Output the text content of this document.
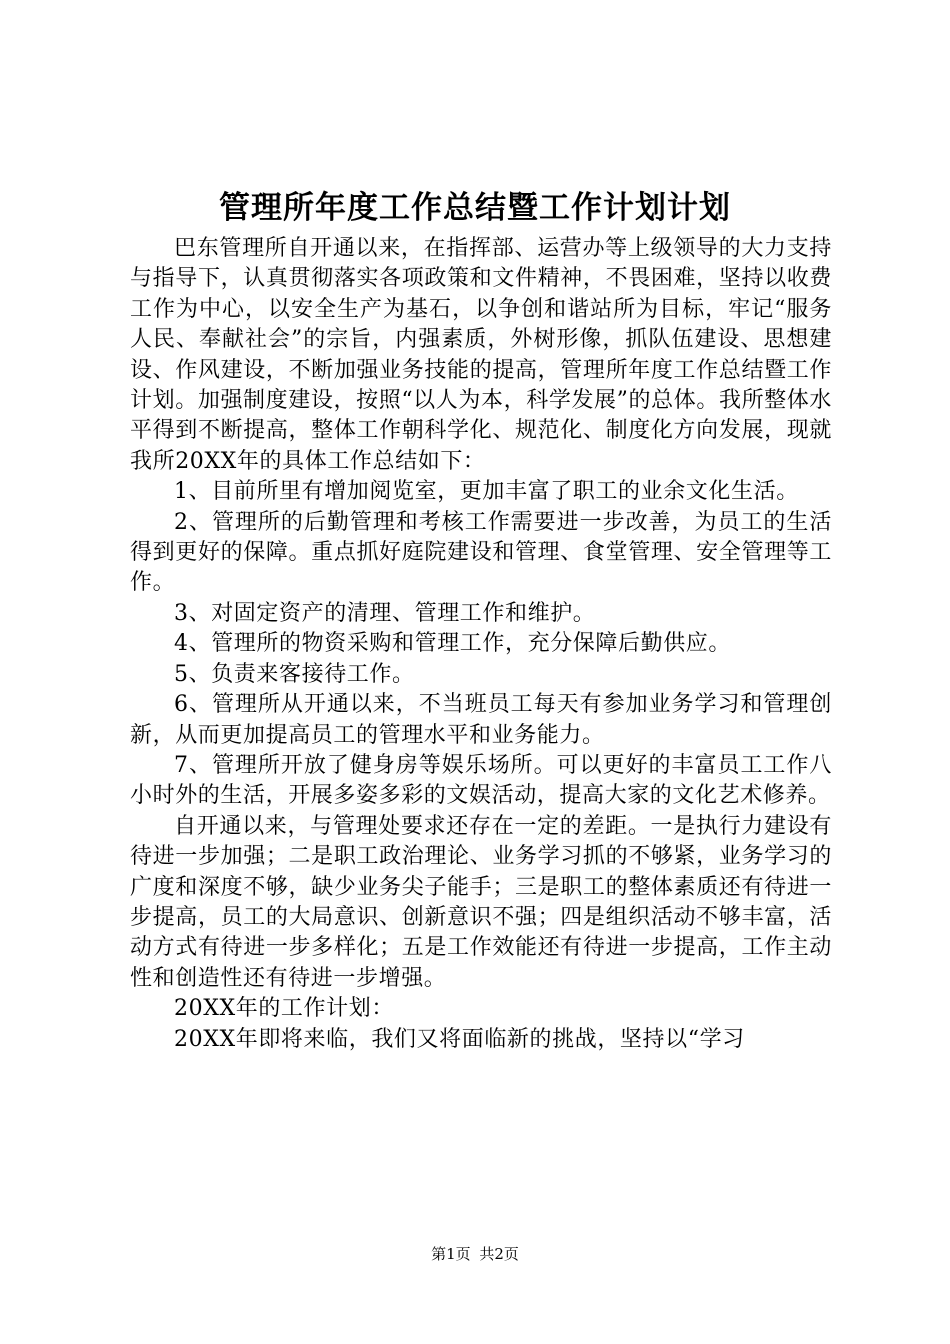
管理所年度工作总结暨工作计划计划

巴东管理所自开通以来，在指挥部、运营办等上级领导的大力支持与指导下，认真贯彻落实各项政策和文件精神，不畏困难，坚持以收费工作为中心，以安全生产为基石，以争创和谐站所为目标，牢记“服务人民、奉献社会”的宗旨，内强素质，外树形像，抓队伍建设、思想建设、作风建设，不断加强业务技能的提高，管理所年度工作总结暨工作计划。加强制度建设，按照“以人为本，科学发展”的总体。我所整体水平得到不断提高，整体工作朝科学化、规范化、制度化方向发展，现就我所20XX年的具体工作总结如下：

1、目前所里有增加阅览室，更加丰富了职工的业余文化生活。

2、管理所的后勤管理和考核工作需要进一步改善，为员工的生活得到更好的保障。重点抓好庭院建设和管理、食堂管理、安全管理等工作。

3、对固定资产的清理、管理工作和维护。

4、管理所的物资采购和管理工作，充分保障后勤供应。

5、负责来客接待工作。

6、管理所从开通以来，不当班员工每天有参加业务学习和管理创新，从而更加提高员工的管理水平和业务能力。

7、管理所开放了健身房等娱乐场所。可以更好的丰富员工工作八小时外的生活，开展多姿多彩的文娱活动，提高大家的文化艺术修养。

自开通以来，与管理处要求还存在一定的差距。一是执行力建设有待进一步加强；二是职工政治理论、业务学习抓的不够紧，业务学习的广度和深度不够，缺少业务尖子能手；三是职工的整体素质还有待进一步提高，员工的大局意识、创新意识不强；四是组织活动不够丰富，活动方式有待进一步多样化；五是工作效能还有待进一步提高，工作主动性和创造性还有待进一步增强。

20XX年的工作计划：

20XX年即将来临，我们又将面临新的挑战，坚持以“学习

第1页 共2页
